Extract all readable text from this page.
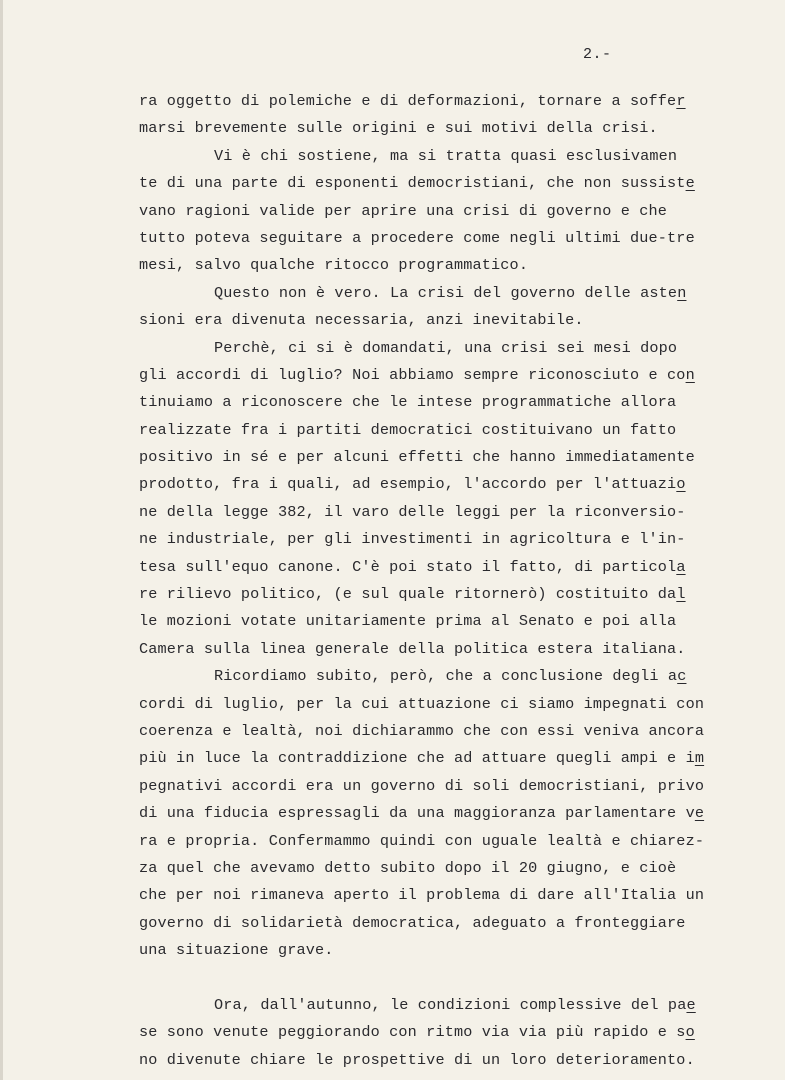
2.-
ra oggetto di polemiche e di deformazioni, tornare a soffer
marsi brevemente sulle origini e sui motivi della crisi.
Vi è chi sostiene, ma si tratta quasi esclusivamen
te di una parte di esponenti democristiani, che non sussiste
vano ragioni valide per aprire una crisi di governo e che
tutto poteva seguitare a procedere come negli ultimi due-tre
mesi, salvo qualche ritocco programmatico.
Questo non è vero. La crisi del governo delle asten
sioni era divenuta necessaria, anzi inevitabile.
Perchè, ci si è domandati, una crisi sei mesi dopo
gli accordi di luglio? Noi abbiamo sempre riconosciuto e con
tinuiamo a riconoscere che le intese programmatiche allora
realizzate fra i partiti democratici costituivano un fatto
positivo in sé e per alcuni effetti che hanno immediatamente
prodotto, fra i quali, ad esempio, l'accordo per l'attuazio
ne della legge 382, il varo delle leggi per la riconversio-
ne industriale, per gli investimenti in agricoltura e l'in-
tesa sull'equo canone. C'è poi stato il fatto, di particola
re rilievo politico, (e sul quale ritornerò) costituito dal
le mozioni votate unitariamente prima al Senato e poi alla
Camera sulla linea generale della politica estera italiana.
Ricordiamo subito, però, che a conclusione degli ac
cordi di luglio, per la cui attuazione ci siamo impegnati con
coerenza e lealtà, noi dichiarammo che con essi veniva ancora
più in luce la contraddizione che ad attuare quegli ampi e im
pegnativi accordi era un governo di soli democristiani, privo
di una fiducia espressagli da una maggioranza parlamentare ve
ra e propria. Confermammo quindi con uguale lealtà e chiarez-
za quel che avevamo detto subito dopo il 20 giugno, e cioè
che per noi rimaneva aperto il problema di dare all'Italia un
governo di solidarietà democratica, adeguato a fronteggiare
una situazione grave.
Ora, dall'autunno, le condizioni complessive del pae
se sono venute peggiorando con ritmo via via più rapido e so
no divenute chiare le prospettive di un loro deterioramento.
